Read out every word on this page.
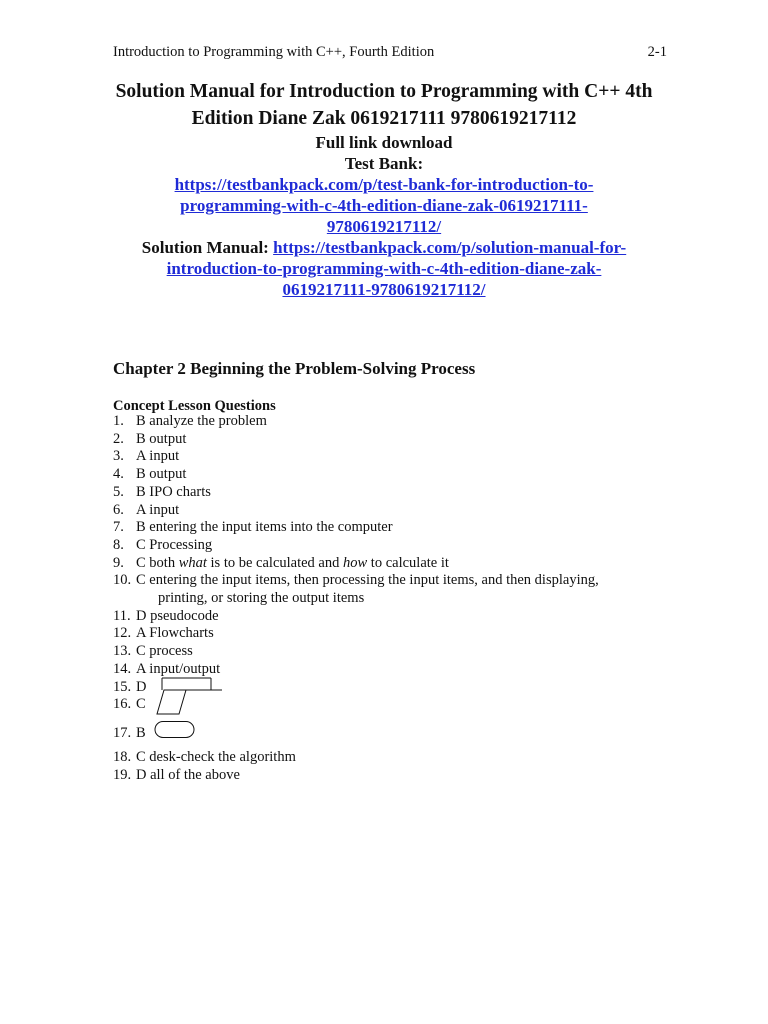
Introduction to Programming with C++, Fourth Edition	2-1
Solution Manual for Introduction to Programming with C++ 4th
Edition Diane Zak 0619217111 9780619217112
Full link download
Test Bank:
https://testbankpack.com/p/test-bank-for-introduction-to-
programming-with-c-4th-edition-diane-zak-0619217111-
9780619217112/
Solution Manual: https://testbankpack.com/p/solution-manual-for-
introduction-to-programming-with-c-4th-edition-diane-zak-
0619217111-9780619217112/
Chapter 2 Beginning the Problem-Solving Process
Concept Lesson Questions
1. B analyze the problem
2. B output
3. A input
4. B output
5. B IPO charts
6. A input
7. B entering the input items into the computer
8. C Processing
9. C both what is to be calculated and how to calculate it
10. C entering the input items, then processing the input items, and then displaying,
printing, or storing the output items
11. D pseudocode
12. A Flowcharts
13. C process
14. A input/output
15. D
16. C
17. B
18. C desk-check the algorithm
19. D all of the above
